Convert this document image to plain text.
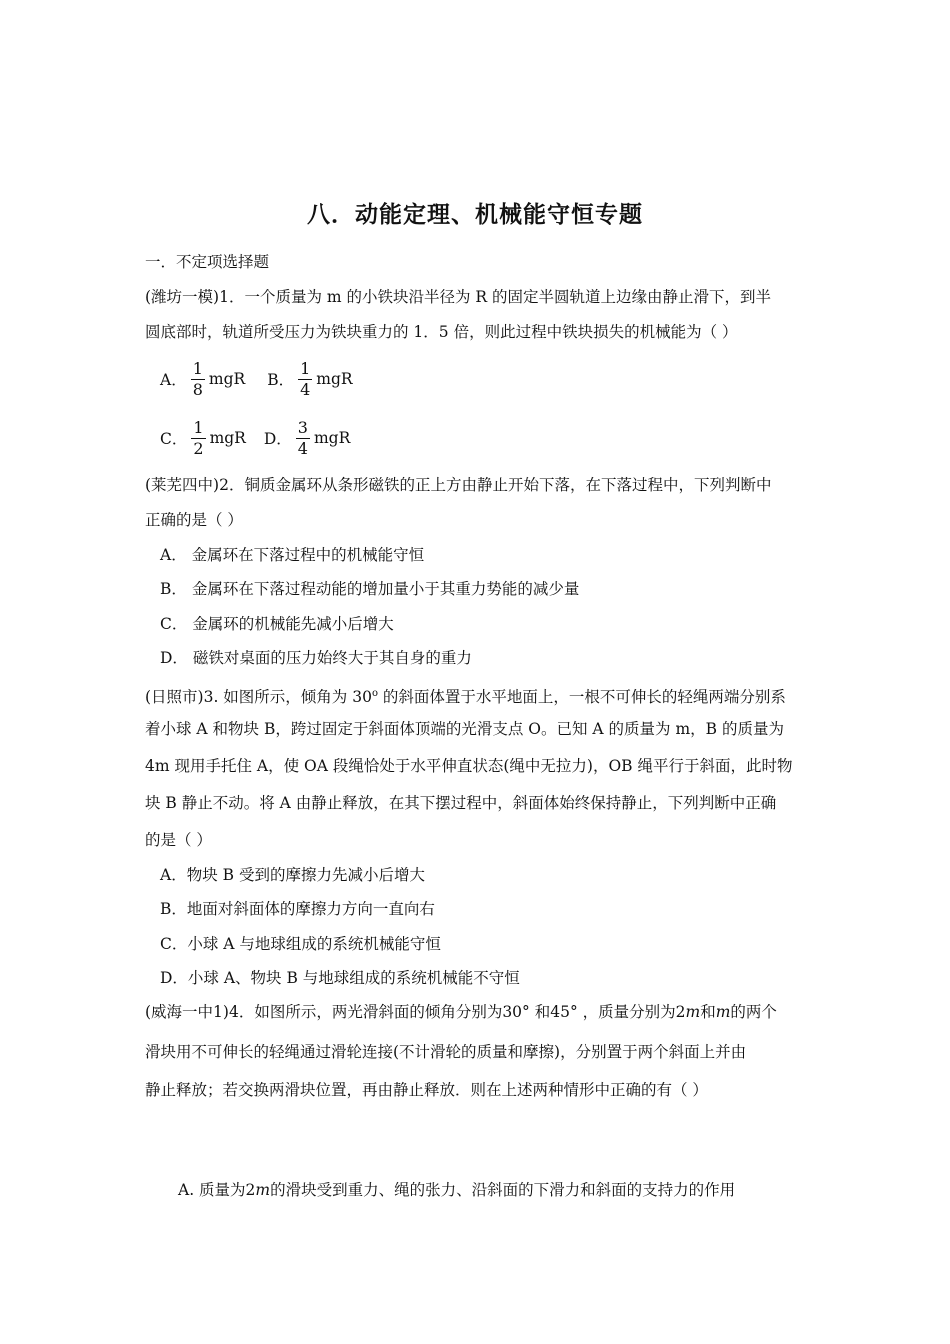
八．动能定理、机械能守恒专题
一．不定项选择题
(潍坊一模)1．一个质量为 m 的小铁块沿半径为 R 的固定半圆轨道上边缘由静止滑下，到半
圆底部时，轨道所受压力为铁块重力的 1．5 倍，则此过程中铁块损失的机械能为（ ）
A． $\frac{1}{8}$ mgR B． $\frac{1}{4}$ mgR
C． $\frac{1}{2}$ mgR D． $\frac{3}{4}$ mgR
(莱芜四中)2．铜质金属环从条形磁铁的正上方由静止开始下落，在下落过程中，下列判断中
正确的是（ ）
A． 金属环在下落过程中的机械能守恒
B． 金属环在下落过程动能的增加量小于其重力势能的减少量
C． 金属环的机械能先减小后增大
D． 磁铁对桌面的压力始终大于其自身的重力
(日照市)3. 如图所示，倾角为 30$^o$ 的斜面体置于水平地面上，一根不可伸长的轻绳两端分别系
着小球 A 和物块 B，跨过固定于斜面体顶端的光滑支点 O。已知 A 的质量为 m，B 的质量为
4m 现用手托住 A，使 OA 段绳恰处于水平伸直状态(绳中无拉力)，OB 绳平行于斜面，此时物
块 B 静止不动。将 A 由静止释放，在其下摆过程中，斜面体始终保持静止，下列判断中正确
的是（ ）
A．物块 B 受到的摩擦力先减小后增大
B．地面对斜面体的摩擦力方向一直向右
C．小球 A 与地球组成的系统机械能守恒
D．小球 A、物块 B 与地球组成的系统机械能不守恒
(威海一中1)4．如图所示，两光滑斜面的倾角分别为30° 和45° ，质量分别为2m和m的两个
滑块用不可伸长的轻绳通过滑轮连接(不计滑轮的质量和摩擦)，分别置于两个斜面上并由
静止释放；若交换两滑块位置，再由静止释放．则在上述两种情形中正确的有（ ）
A. 质量为2m的滑块受到重力、绳的张力、沿斜面的下滑力和斜面的支持力的作用
